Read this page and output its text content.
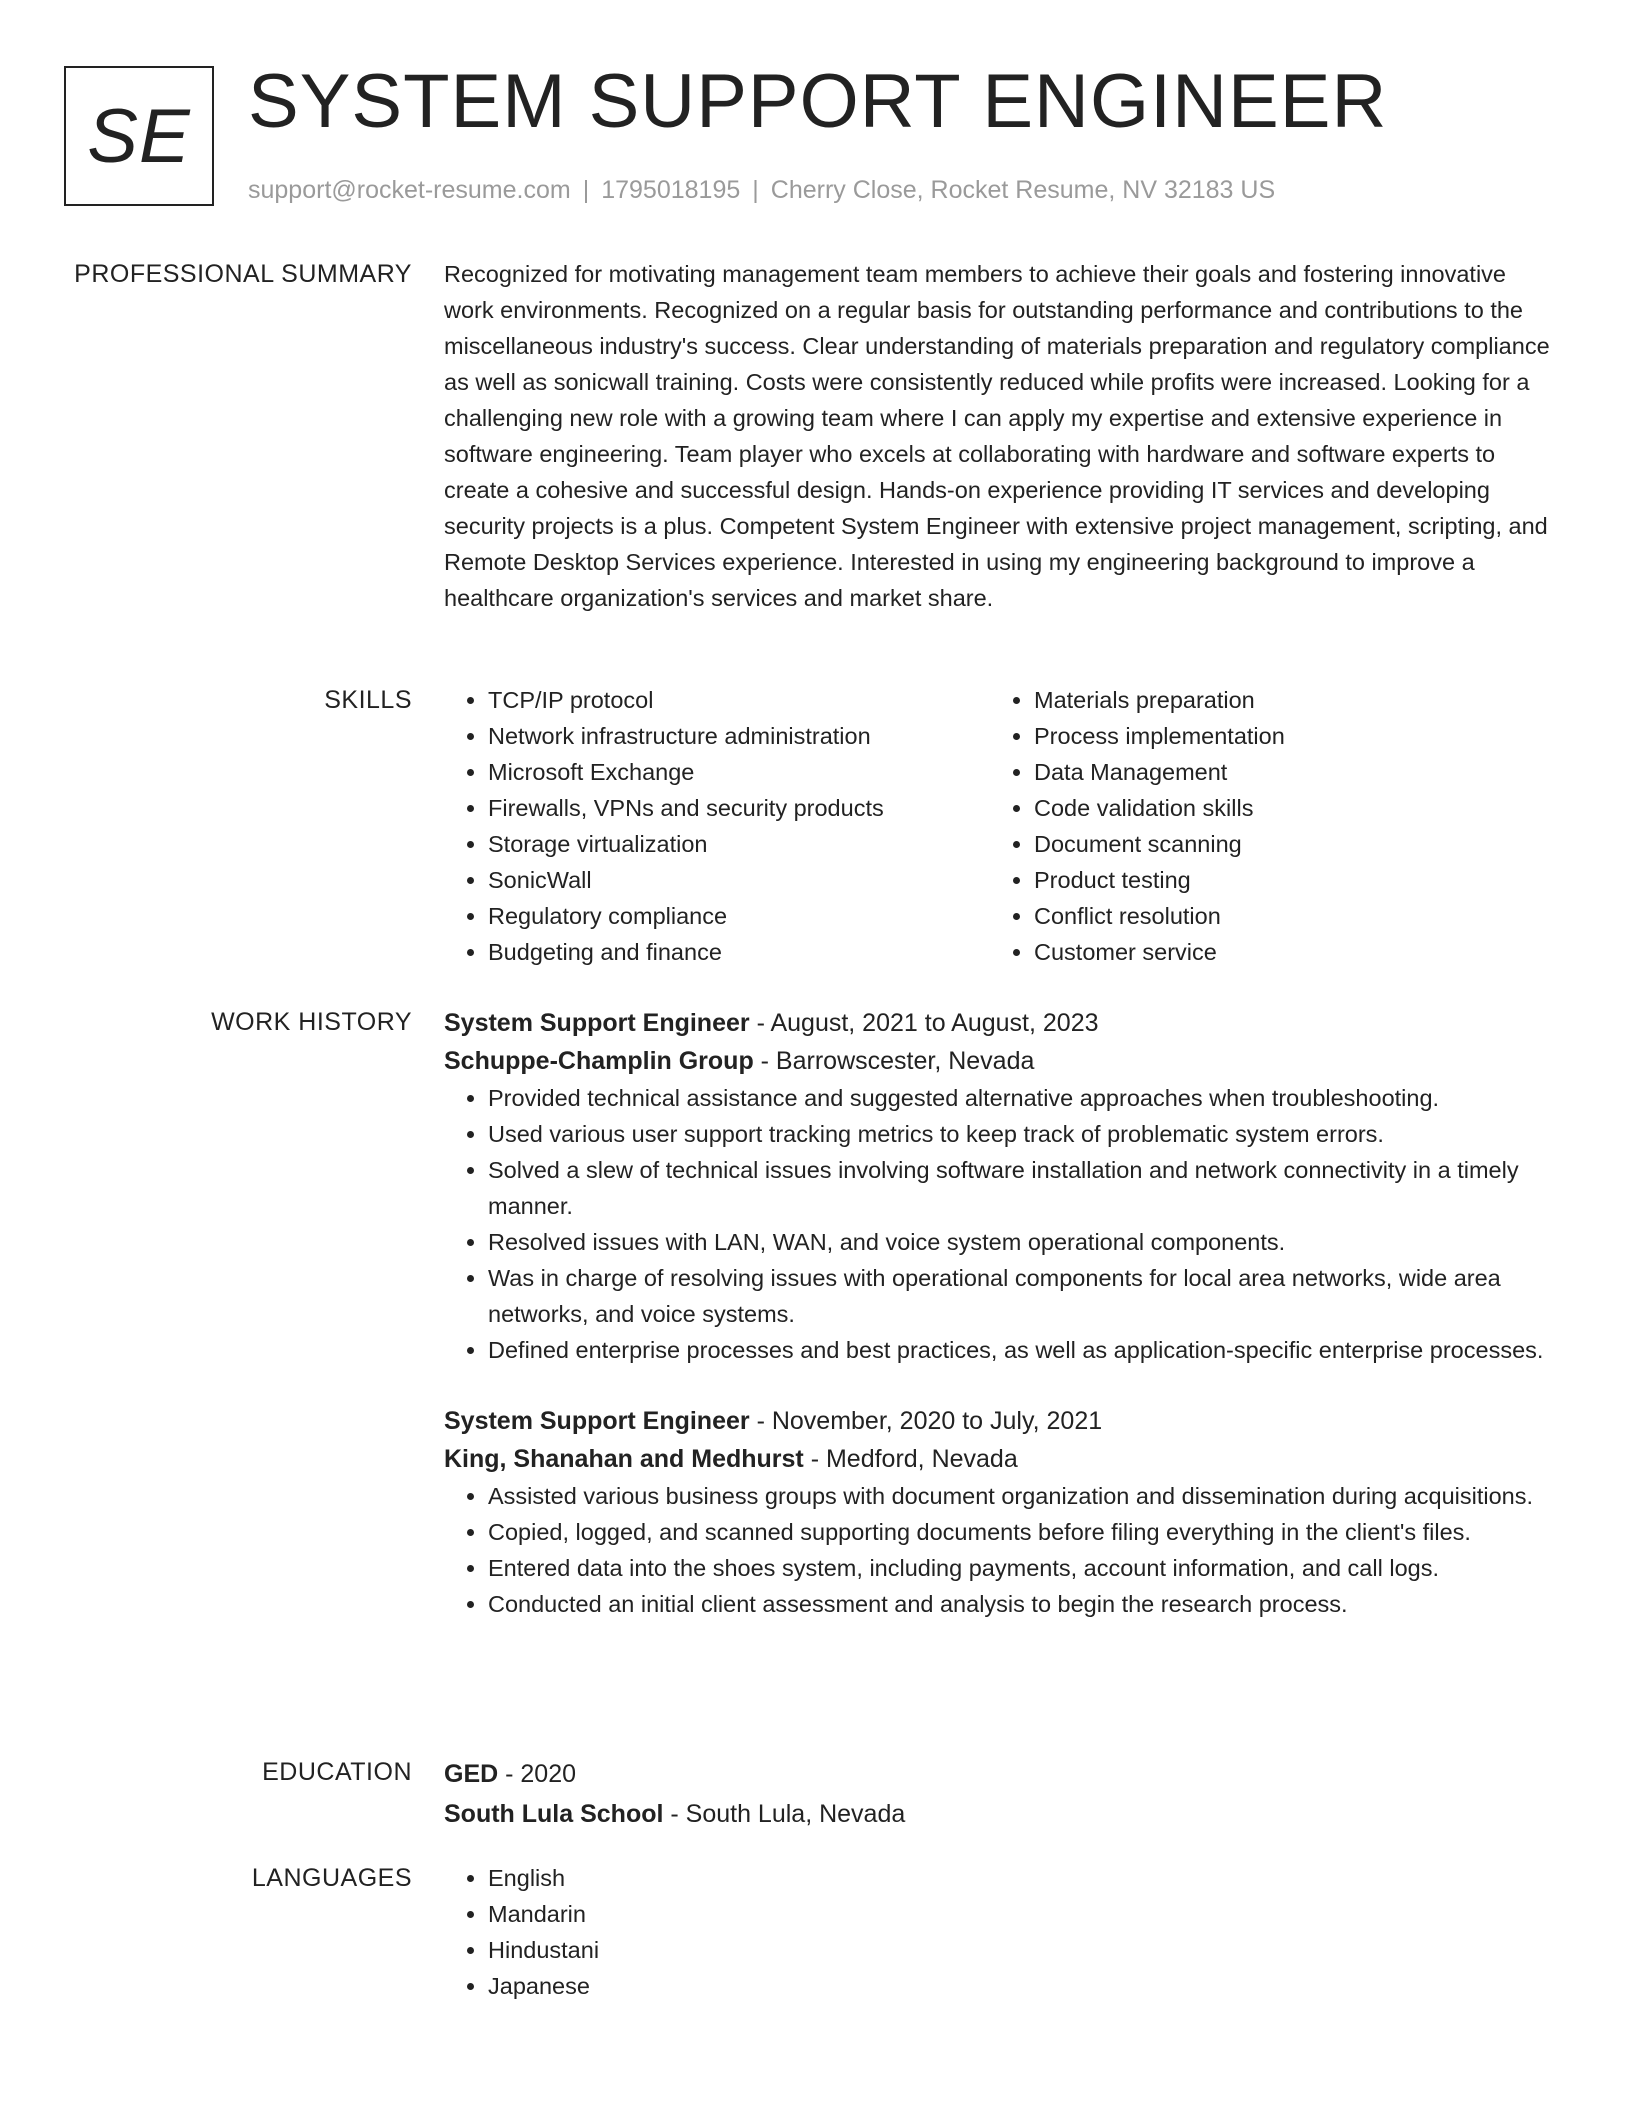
SE SYSTEM SUPPORT ENGINEER
support@rocket-resume.com | 1795018195 | Cherry Close, Rocket Resume, NV 32183 US
PROFESSIONAL SUMMARY Recognized for motivating management team members to achieve their goals and fostering innovative work environments. Recognized on a regular basis for outstanding performance and contributions to the miscellaneous industry's success. Clear understanding of materials preparation and regulatory compliance as well as sonicwall training. Costs were consistently reduced while profits were increased. Looking for a challenging new role with a growing team where I can apply my expertise and extensive experience in software engineering. Team player who excels at collaborating with hardware and software experts to create a cohesive and successful design. Hands-on experience providing IT services and developing security projects is a plus. Competent System Engineer with extensive project management, scripting, and Remote Desktop Services experience. Interested in using my engineering background to improve a healthcare organization's services and market share.

SKILLS	• TCP/IP protocol
• Network infrastructure administration
• Microsoft Exchange
• Firewalls, VPNs and security products
• Storage virtualization
• SonicWall
• Regulatory compliance
• Budgeting and finance
• Materials preparation
• Process implementation
• Data Management
• Code validation skills
• Document scanning
• Product testing
• Conflict resolution
• Customer service
WORK HISTORY System Support Engineer - August, 2021 to August, 2023
Schuppe-Champlin Group - Barrowscester, Nevada
• Provided technical assistance and suggested alternative approaches when troubleshooting.
• Used various user support tracking metrics to keep track of problematic system errors.
• Solved a slew of technical issues involving software installation and network connectivity in a timely manner.
• Resolved issues with LAN, WAN, and voice system operational components.
• Was in charge of resolving issues with operational components for local area networks, wide area networks, and voice systems.
• Defined enterprise processes and best practices, as well as application-specific enterprise processes.
System Support Engineer - November, 2020 to July, 2021
King, Shanahan and Medhurst - Medford, Nevada
• Assisted various business groups with document organization and dissemination during acquisitions.
• Copied, logged, and scanned supporting documents before filing everything in the client's files.
• Entered data into the shoes system, including payments, account information, and call logs.
• Conducted an initial client assessment and analysis to begin the research process.
EDUCATION GED - 2020
South Lula School - South Lula, Nevada
LANGUAGES	• English
• Mandarin
• Hindustani
• Japanese
